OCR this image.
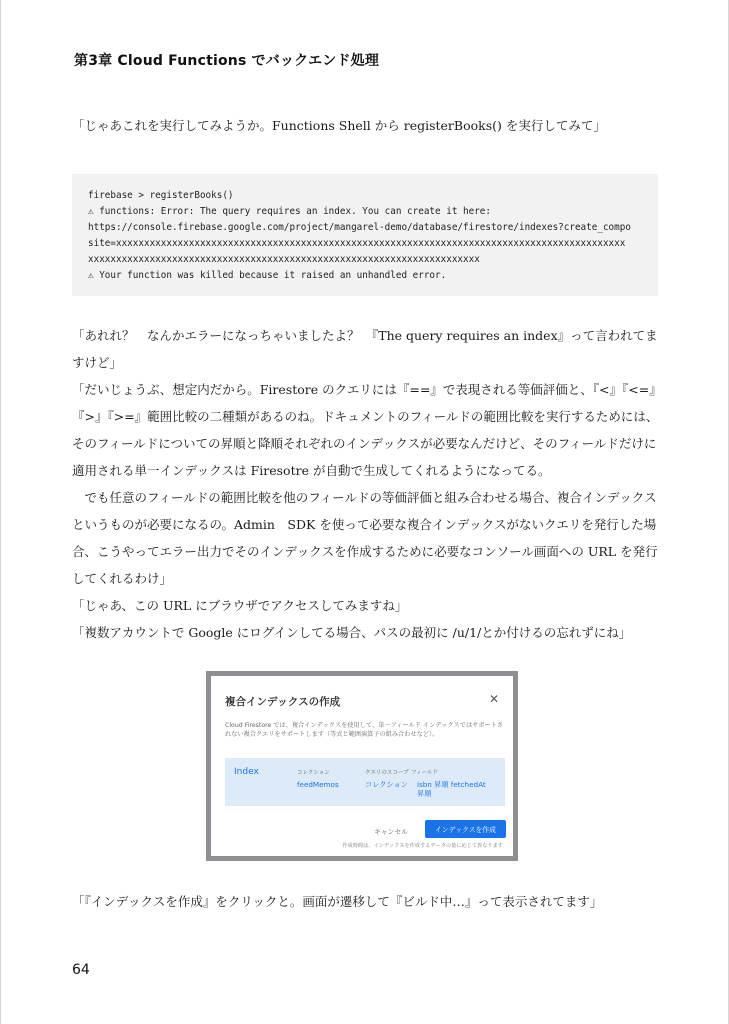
第3章 Cloud Functions でバックエンド処理

「じゃあこれを実行してみようか。Functions Shell から registerBooks() を実行してみて」

firebase > registerBooks()
⚠ functions: Error: The query requires an index. You can create it here:
https://console.firebase.google.com/project/mangarel-demo/database/firestore/indexes?create_compo
site=xxxxxxxxxxxxxxxxxxxxxxxxxxxxxxxxxxxxxxxxxxxxxxxxxxxxxxxxxxxxxxxxxxxxxxxxxxxxxxxxxxxxxxxxxxx
xxxxxxxxxxxxxxxxxxxxxxxxxxxxxxxxxxxxxxxxxxxxxxxxxxxxxxxxxxxxxxxxxxxxxx
⚠ Your function was killed because it raised an unhandled error.

「あれれ？　なんかエラーになっちゃいましたよ？　『The query requires an index』って言われてますけど」

「だいじょうぶ、想定内だから。Firestore のクエリには『==』で表現される等価評価と、『<』『<=』『>』『>=』範囲比較の二種類があるのね。ドキュメントのフィールドの範囲比較を実行するためには、そのフィールドについての昇順と降順それぞれのインデックスが必要なんだけど、そのフィールドだけに適用される単一インデックスは Firesotre が自動で生成してくれるようになってる。

　でも任意のフィールドの範囲比較を他のフィールドの等価評価と組み合わせる場合、複合インデックスというものが必要になるの。Admin　SDK を使って必要な複合インデックスがないクエリを発行した場合、こうやってエラー出力でそのインデックスを作成するために必要なコンソール画面への URL を発行してくれるわけ」

「じゃあ、この URL にブラウザでアクセスしてみますね」

「複数アカウントで Google にログインしてる場合、パスの最初に /u/1/とか付けるの忘れずにね」

複合インデックスの作成	✕
Cloud Firestore では、複合インデックスを使用して、単一フィールド インデックスではサポートされない複合クエリをサポートします（等式と範囲演算子の組み合わせなど）。
Index	コレクション	クエリのスコープ フィールド
feedMemos	コレクション isbn 昇順 fetchedAt
昇順
キャンセル	インデックスを作成
作成時間は、インデックスを作成するデータの量に応じて異なります

「『インデックスを作成』をクリックと。画面が遷移して『ビルド中…』って表示されてます」

64
